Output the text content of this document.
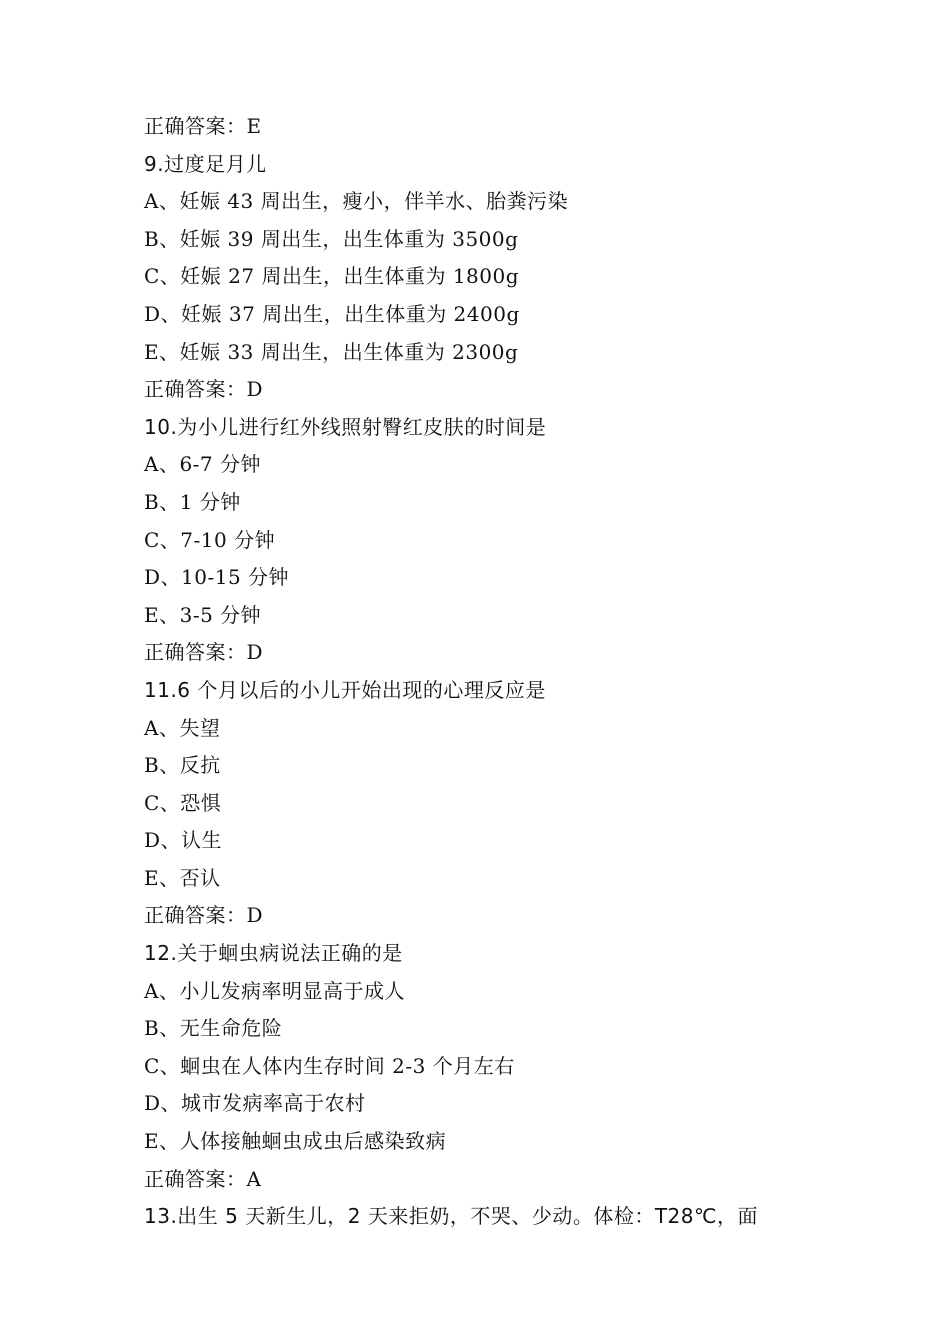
正确答案：E
9.过度足月儿
A、妊娠 43 周出生，瘦小，伴羊水、胎粪污染
B、妊娠 39 周出生，出生体重为 3500g
C、妊娠 27 周出生，出生体重为 1800g
D、妊娠 37 周出生，出生体重为 2400g
E、妊娠 33 周出生，出生体重为 2300g
正确答案：D
10.为小儿进行红外线照射臀红皮肤的时间是
A、6-7 分钟
B、1 分钟
C、7-10 分钟
D、10-15 分钟
E、3-5 分钟
正确答案：D
11.6 个月以后的小儿开始出现的心理反应是
A、失望
B、反抗
C、恐惧
D、认生
E、否认
正确答案：D
12.关于蛔虫病说法正确的是
A、小儿发病率明显高于成人
B、无生命危险
C、蛔虫在人体内生存时间 2-3 个月左右
D、城市发病率高于农村
E、人体接触蛔虫成虫后感染致病
正确答案：A
13.出生 5 天新生儿，2 天来拒奶，不哭、少动。体检：T28℃，面
